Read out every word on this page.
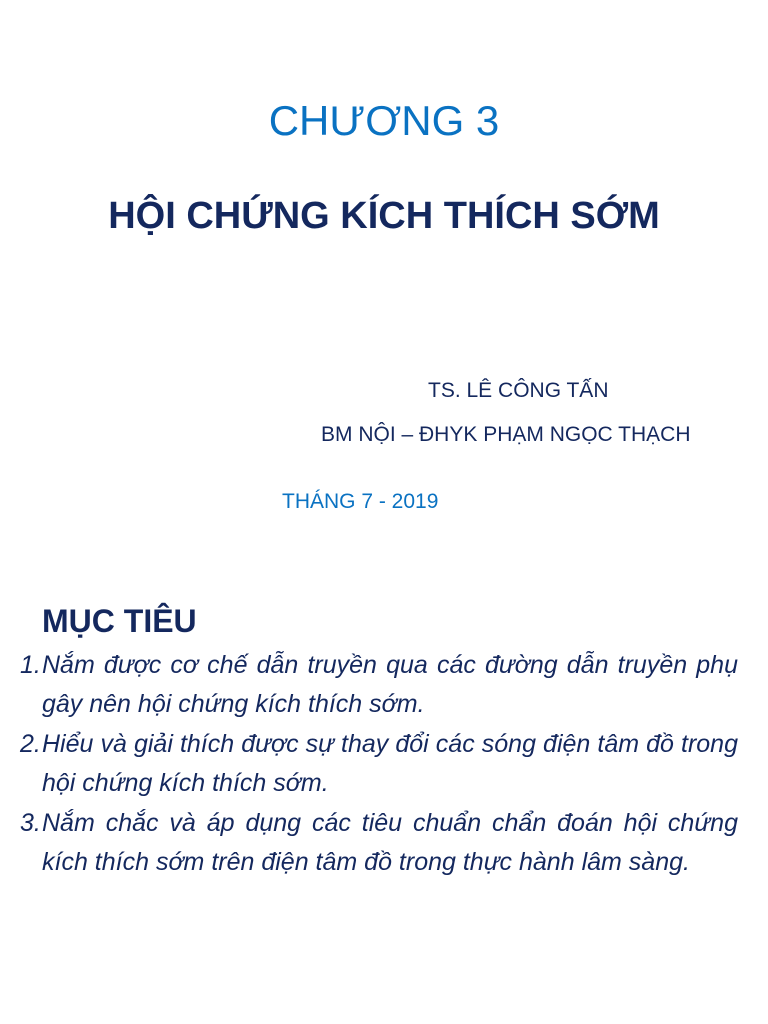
CHƯƠNG 3
HỘI CHỨNG KÍCH THÍCH SỚM
TS. LÊ CÔNG TẤN
BM NỘI – ĐHYK PHẠM NGỌC THẠCH
THÁNG 7 - 2019
MỤC TIÊU
1. Nắm được cơ chế dẫn truyền qua các đường dẫn truyền phụ gây nên hội chứng kích thích sớm.
2. Hiểu và giải thích được sự thay đổi các sóng điện tâm đồ trong hội chứng kích thích sớm.
3. Nắm chắc và áp dụng các tiêu chuẩn chẩn đoán hội chứng kích thích sớm trên điện tâm đồ trong thực hành lâm sàng.
